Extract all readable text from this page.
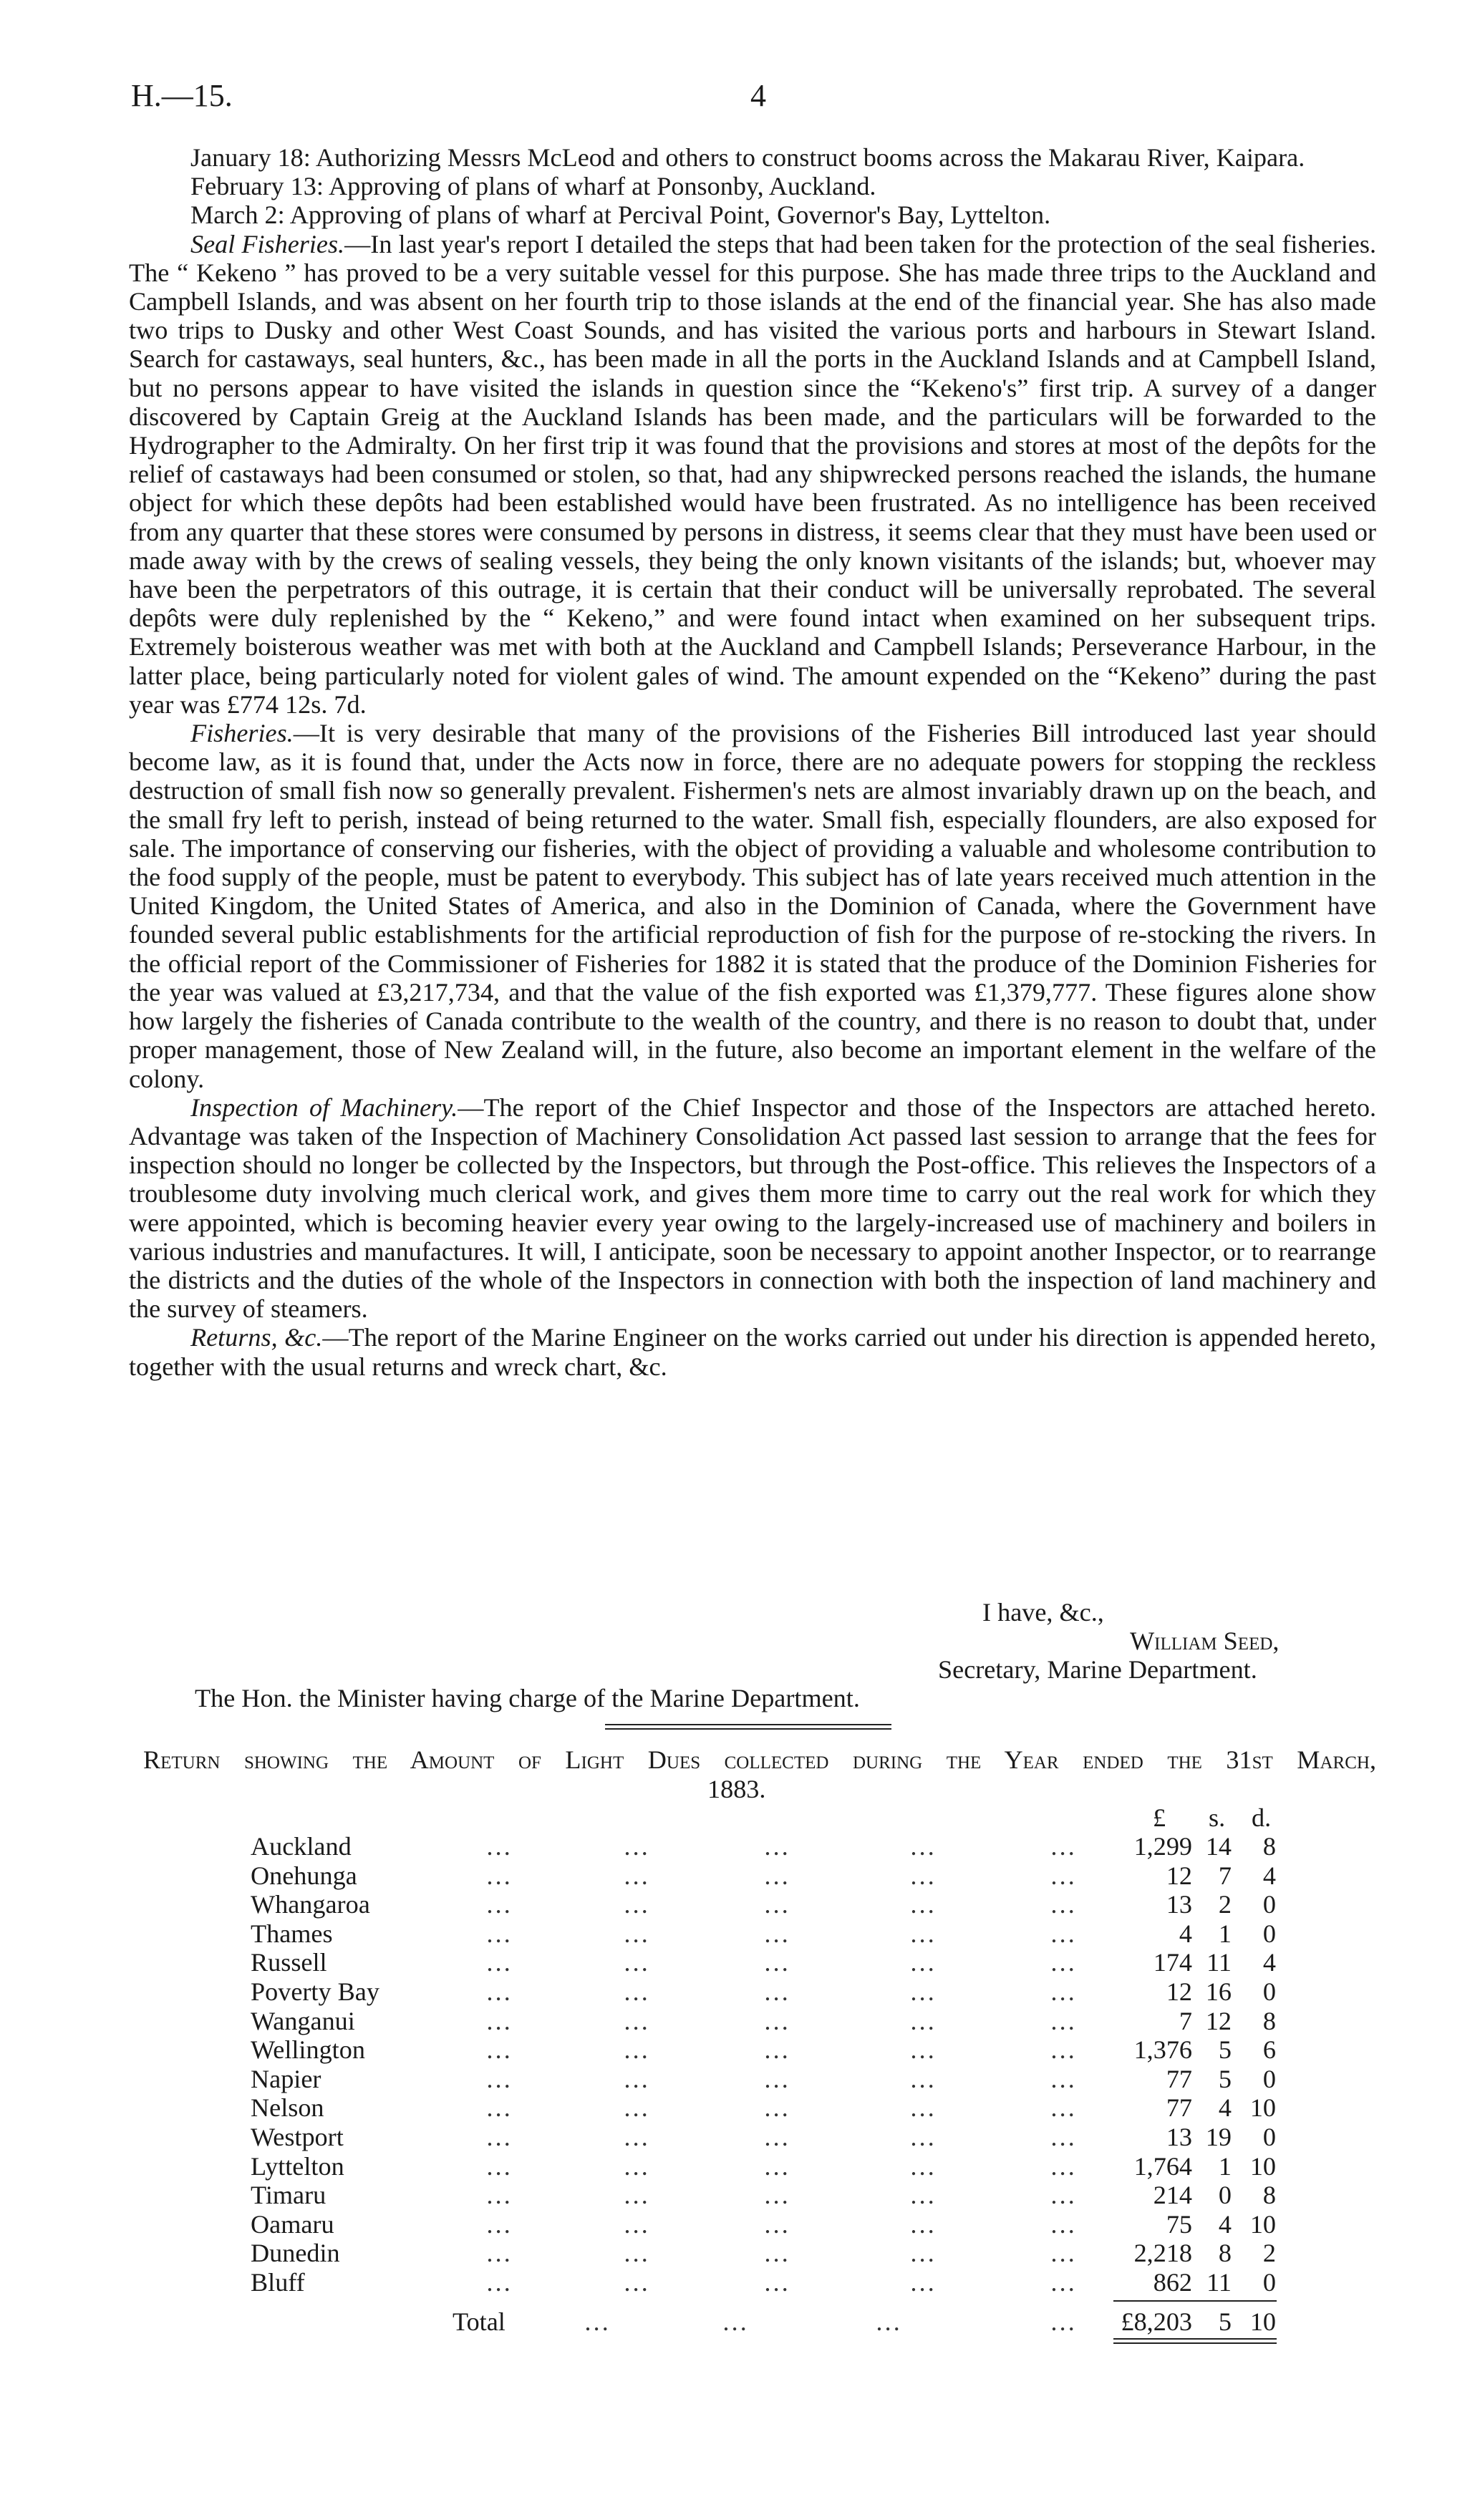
H.—15.	4

January 18: Authorizing Messrs McLeod and others to construct booms across the Makarau River, Kaipara.

February 13: Approving of plans of wharf at Ponsonby, Auckland.

March 2: Approving of plans of wharf at Percival Point, Governor's Bay, Lyttelton.

Seal Fisheries.—In last year's report I detailed the steps that had been taken for the protection of the seal fisheries. The “ Kekeno ” has proved to be a very suitable vessel for this purpose. She has made three trips to the Auckland and Campbell Islands, and was absent on her fourth trip to those islands at the end of the financial year. She has also made two trips to Dusky and other West Coast Sounds, and has visited the various ports and harbours in Stewart Island. Search for castaways, seal hunters, &c., has been made in all the ports in the Auckland Islands and at Campbell Island, but no persons appear to have visited the islands in question since the “Kekeno's” first trip. A survey of a danger discovered by Captain Greig at the Auckland Islands has been made, and the particulars will be forwarded to the Hydrographer to the Admiralty. On her first trip it was found that the provisions and stores at most of the depôts for the relief of castaways had been consumed or stolen, so that, had any shipwrecked persons reached the islands, the humane object for which these depôts had been established would have been frustrated. As no intelligence has been received from any quarter that these stores were consumed by persons in distress, it seems clear that they must have been used or made away with by the crews of sealing vessels, they being the only known visitants of the islands; but, whoever may have been the perpetrators of this outrage, it is certain that their conduct will be universally reprobated. The several depôts were duly replenished by the “ Kekeno,” and were found intact when examined on her subsequent trips. Extremely boisterous weather was met with both at the Auckland and Campbell Islands; Perseverance Harbour, in the latter place, being particularly noted for violent gales of wind. The amount expended on the “Kekeno” during the past year was £774 12s. 7d.

Fisheries.—It is very desirable that many of the provisions of the Fisheries Bill introduced last year should become law, as it is found that, under the Acts now in force, there are no adequate powers for stopping the reckless destruction of small fish now so generally prevalent. Fishermen's nets are almost invariably drawn up on the beach, and the small fry left to perish, instead of being returned to the water. Small fish, especially flounders, are also exposed for sale. The importance of conserving our fisheries, with the object of providing a valuable and wholesome contribution to the food supply of the people, must be patent to everybody. This subject has of late years received much attention in the United Kingdom, the United States of America, and also in the Dominion of Canada, where the Government have founded several public establishments for the artificial reproduction of fish for the purpose of re-stocking the rivers. In the official report of the Commissioner of Fisheries for 1882 it is stated that the produce of the Dominion Fisheries for the year was valued at £3,217,734, and that the value of the fish exported was £1,379,777. These figures alone show how largely the fisheries of Canada contribute to the wealth of the country, and there is no reason to doubt that, under proper management, those of New Zealand will, in the future, also become an important element in the welfare of the colony.

Inspection of Machinery.—The report of the Chief Inspector and those of the Inspectors are attached hereto. Advantage was taken of the Inspection of Machinery Consolidation Act passed last session to arrange that the fees for inspection should no longer be collected by the Inspectors, but through the Post-office. This relieves the Inspectors of a troublesome duty involving much clerical work, and gives them more time to carry out the real work for which they were appointed, which is becoming heavier every year owing to the largely-increased use of machinery and boilers in various industries and manufactures. It will, I anticipate, soon be necessary to appoint another Inspector, or to rearrange the districts and the duties of the whole of the Inspectors in connection with both the inspection of land machinery and the survey of steamers.

Returns, &c.—The report of the Marine Engineer on the works carried out under his direction is appended hereto, together with the usual returns and wreck chart, &c.

I have, &c.,
William Seed,
Secretary, Marine Department.
The Hon. the Minister having charge of the Marine Department.
Return showing the Amount of Light Dues collected during the Year ended the 31st March,
1883.
£ s. d.
Auckland	…	…	…	…	…	1,299 14	8
Onehunga	…	…	…	…	…	12	7	4
Whangaroa	…	…	…	…	…	13	2	0
Thames	…	…	…	…	…	4	1	0
Russell	…	…	…	…	…	174 11	4
Poverty Bay	…	…	…	…	…	12 16	0
Wanganui	…	…	…	…	…	7 12	8
Wellington	…	…	…	…	…	1,376	5	6
Napier	…	…	…	…	…	77	5	0
Nelson	…	…	…	…	…	77	4 10
Westport	…	…	…	…	…	13 19	0
Lyttelton	…	…	…	…	…	1,764	1 10
Timaru	…	…	…	…	…	214	0	8
Oamaru	…	…	…	…	…	75	4 10
Dunedin	…	…	…	…	…	2,218	8	2
Bluff	…	…	…	…	…	862 11	0
Total	…	…	…	…	£8,203	5 10
